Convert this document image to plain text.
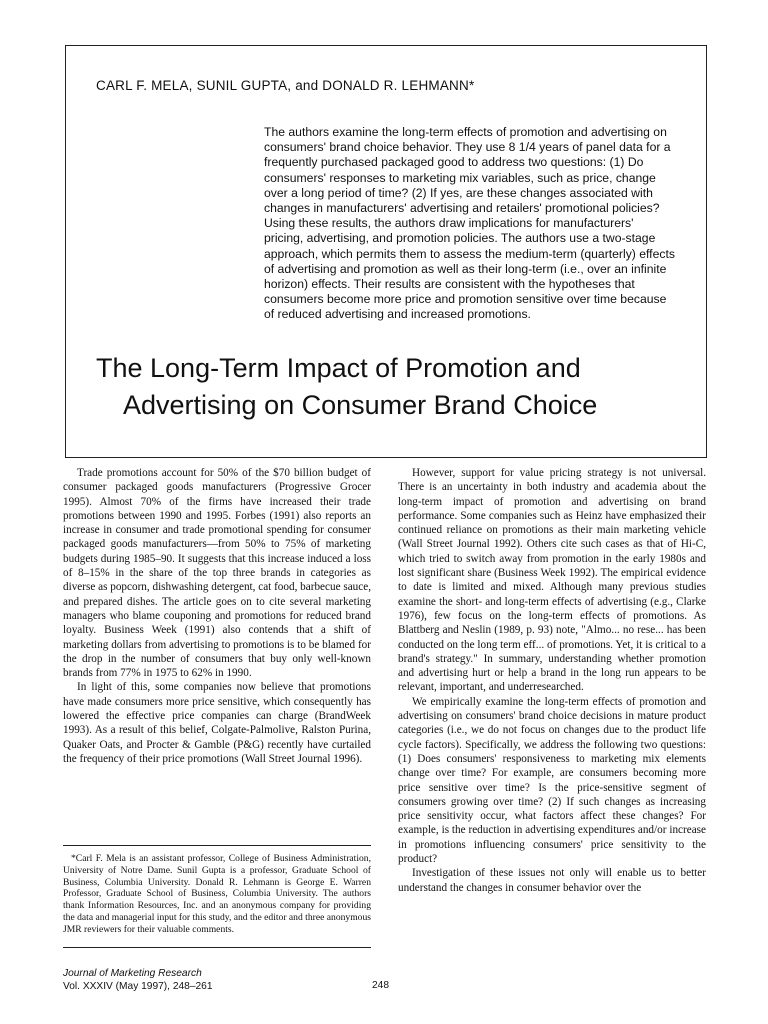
CARL F. MELA, SUNIL GUPTA, and DONALD R. LEHMANN*

The authors examine the long-term effects of promotion and advertising on consumers' brand choice behavior. They use 8 1/4 years of panel data for a frequently purchased packaged good to address two questions: (1) Do consumers' responses to marketing mix variables, such as price, change over a long period of time? (2) If yes, are these changes associated with changes in manufacturers' advertising and retailers' promotional policies? Using these results, the authors draw implications for manufacturers' pricing, advertising, and promotion policies. The authors use a two-stage approach, which permits them to assess the medium-term (quarterly) effects of advertising and promotion as well as their long-term (i.e., over an infinite horizon) effects. Their results are consistent with the hypotheses that consumers become more price and promotion sensitive over time because of reduced advertising and increased promotions.

The Long-Term Impact of Promotion and
Advertising on Consumer Brand Choice

Trade promotions account for 50% of the $70 billion budget of consumer packaged goods manufacturers (Progressive Grocer 1995). Almost 70% of the firms have increased their trade promotions between 1990 and 1995. Forbes (1991) also reports an increase in consumer and trade promotional spending for consumer packaged goods manufacturers—from 50% to 75% of marketing budgets during 1985–90. It suggests that this increase induced a loss of 8–15% in the share of the top three brands in categories as diverse as popcorn, dishwashing detergent, cat food, barbecue sauce, and prepared dishes. The article goes on to cite several marketing managers who blame couponing and promotions for reduced brand loyalty. Business Week (1991) also contends that a shift of marketing dollars from advertising to promotions is to be blamed for the drop in the number of consumers that buy only well-known brands from 77% in 1975 to 62% in 1990.

In light of this, some companies now believe that promotions have made consumers more price sensitive, which consequently has lowered the effective price companies can charge (BrandWeek 1993). As a result of this belief, Colgate-Palmolive, Ralston Purina, Quaker Oats, and Procter & Gamble (P&G) recently have curtailed the frequency of their price promotions (Wall Street Journal 1996).

*Carl F. Mela is an assistant professor, College of Business Administration, University of Notre Dame. Sunil Gupta is a professor, Graduate School of Business, Columbia University. Donald R. Lehmann is George E. Warren Professor, Graduate School of Business, Columbia University. The authors thank Information Resources, Inc. and an anonymous company for providing the data and managerial input for this study, and the editor and three anonymous JMR reviewers for their valuable comments.

However, support for value pricing strategy is not universal. There is an uncertainty in both industry and academia about the long-term impact of promotion and advertising on brand performance. Some companies such as Heinz have emphasized their continued reliance on promotions as their main marketing vehicle (Wall Street Journal 1992). Others cite such cases as that of Hi-C, which tried to switch away from promotion in the early 1980s and lost significant share (Business Week 1992). The empirical evidence to date is limited and mixed. Although many previous studies examine the short- and long-term effects of advertising (e.g., Clarke 1976), few focus on the long-term effects of promotions. As Blattberg and Neslin (1989, p. 93) note, "Almo... no rese... has been conducted on the long term eff... of promotions. Yet, it is critical to a brand's strategy." In summary, understanding whether promotion and advertising hurt or help a brand in the long run appears to be relevant, important, and underresearched.

We empirically examine the long-term effects of promotion and advertising on consumers' brand choice decisions in mature product categories (i.e., we do not focus on changes due to the product life cycle factors). Specifically, we address the following two questions: (1) Does consumers' responsiveness to marketing mix elements change over time? For example, are consumers becoming more price sensitive over time? Is the price-sensitive segment of consumers growing over time? (2) If such changes as increasing price sensitivity occur, what factors affect these changes? For example, is the reduction in advertising expenditures and/or increase in promotions influencing consumers' price sensitivity to the product?

Investigation of these issues not only will enable us to better understand the changes in consumer behavior over the

Journal of Marketing Research
Vol. XXXIV (May 1997), 248–261	248
